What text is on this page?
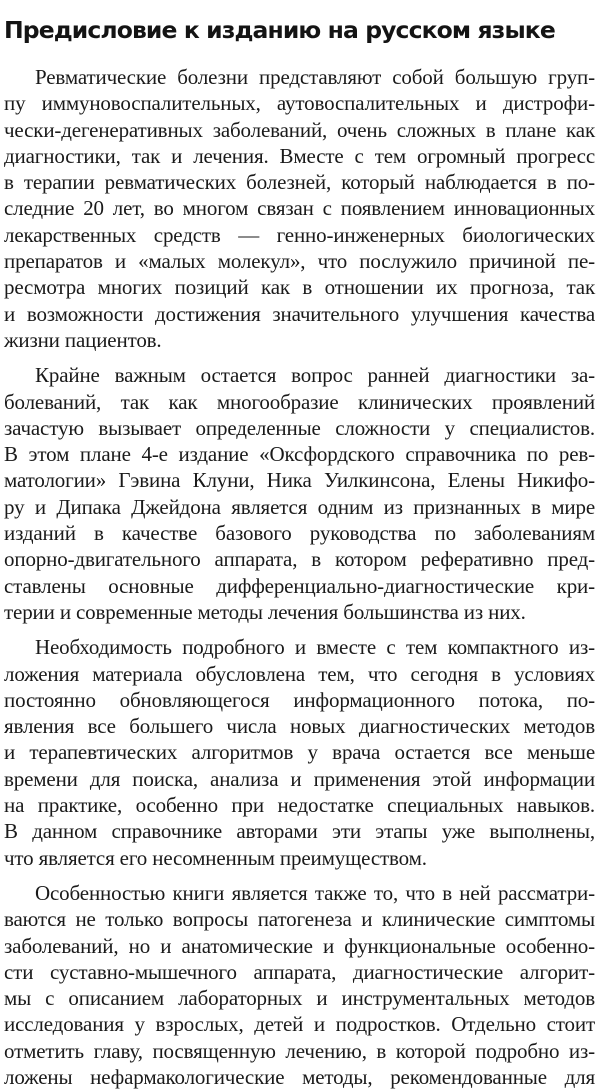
Предисловие к изданию на русском языке

Ревматические болезни представляют собой большую груп-
пу иммуновоспалительных, аутовоспалительных и дистрофи-
чески-дегенеративных заболеваний, очень сложных в плане как
диагностики, так и лечения. Вместе с тем огромный прогресс
в терапии ревматических болезней, который наблюдается в по-
следние 20 лет, во многом связан с появлением инновационных
лекарственных средств — генно-инженерных биологических
препаратов и «малых молекул», что послужило причиной пе-
ресмотра многих позиций как в отношении их прогноза, так
и возможности достижения значительного улучшения качества
жизни пациентов.

Крайне важным остается вопрос ранней диагностики за-
болеваний, так как многообразие клинических проявлений
зачастую вызывает определенные сложности у специалистов.
В этом плане 4-е издание «Оксфордского справочника по рев-
матологии» Гэвина Клуни, Ника Уилкинсона, Елены Никифо-
ру и Дипака Джейдона является одним из признанных в мире
изданий в качестве базового руководства по заболеваниям
опорно-двигательного аппарата, в котором реферативно пред-
ставлены основные дифференциально-диагностические кри-
терии и современные методы лечения большинства из них.

Необходимость подробного и вместе с тем компактного из-
ложения материала обусловлена тем, что сегодня в условиях
постоянно обновляющегося информационного потока, по-
явления все большего числа новых диагностических методов
и терапевтических алгоритмов у врача остается все меньше
времени для поиска, анализа и применения этой информации
на практике, особенно при недостатке специальных навыков.
В данном справочнике авторами эти этапы уже выполнены,
что является его несомненным преимуществом.

Особенностью книги является также то, что в ней рассматри-
ваются не только вопросы патогенеза и клинические симптомы
заболеваний, но и анатомические и функциональные особенно-
сти суставно-мышечного аппарата, диагностические алгорит-
мы с описанием лабораторных и инструментальных методов
исследования у взрослых, детей и подростков. Отдельно стоит
отметить главу, посвященную лечению, в которой подробно из-
ложены нефармакологические методы, рекомендованные для
